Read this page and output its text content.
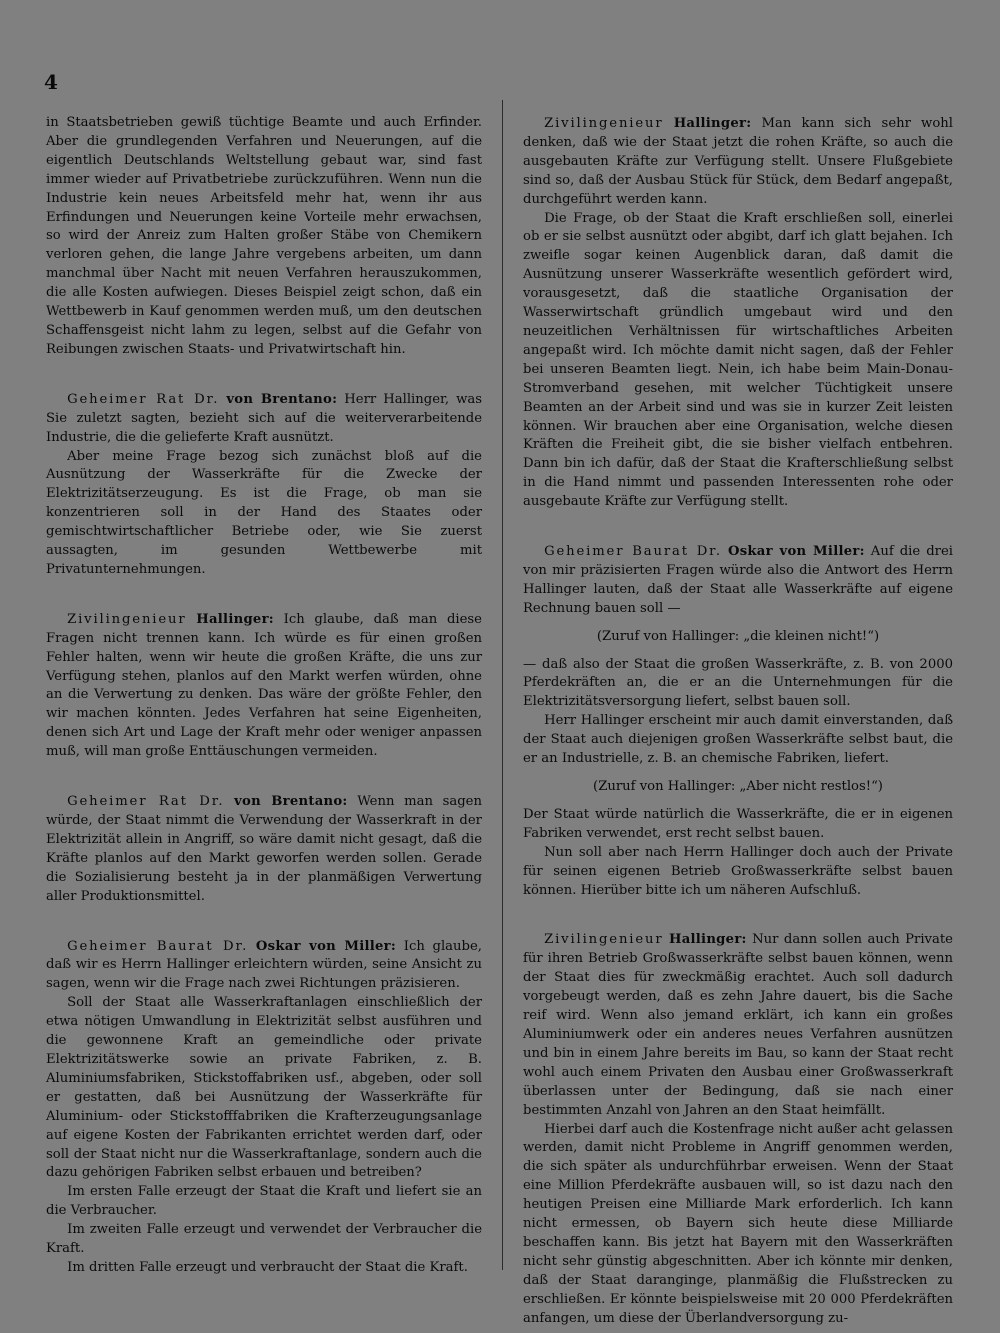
4

in Staatsbetrieben gewiß tüchtige Beamte und auch Erfinder. Aber die grundlegenden Verfahren und Neuerungen, auf die eigentlich Deutschlands Weltstellung gebaut war, sind fast immer wieder auf Privatbetriebe zurückzuführen. Wenn nun die Industrie kein neues Arbeitsfeld mehr hat, wenn ihr aus Erfindungen und Neuerungen keine Vorteile mehr erwachsen, so wird der Anreiz zum Halten großer Stäbe von Chemikern verloren gehen, die lange Jahre vergebens arbeiten, um dann manchmal über Nacht mit neuen Verfahren herauszukommen, die alle Kosten aufwiegen. Dieses Beispiel zeigt schon, daß ein Wettbewerb in Kauf genommen werden muß, um den deutschen Schaffensgeist nicht lahm zu legen, selbst auf die Gefahr von Reibungen zwischen Staats- und Privatwirtschaft hin.

Geheimer Rat Dr. von Brentano: Herr Hallinger, was Sie zuletzt sagten, bezieht sich auf die weiterverarbeitende Industrie, die die gelieferte Kraft ausnützt.

Aber meine Frage bezog sich zunächst bloß auf die Ausnützung der Wasserkräfte für die Zwecke der Elektrizitätserzeugung. Es ist die Frage, ob man sie konzentrieren soll in der Hand des Staates oder gemischtwirtschaftlicher Betriebe oder, wie Sie zuerst aussagten, im gesunden Wettbewerbe mit Privatunternehmungen.

Zivilingenieur Hallinger: Ich glaube, daß man diese Fragen nicht trennen kann. Ich würde es für einen großen Fehler halten, wenn wir heute die großen Kräfte, die uns zur Verfügung stehen, planlos auf den Markt werfen würden, ohne an die Verwertung zu denken. Das wäre der größte Fehler, den wir machen könnten. Jedes Verfahren hat seine Eigenheiten, denen sich Art und Lage der Kraft mehr oder weniger anpassen muß, will man große Enttäuschungen vermeiden.

Geheimer Rat Dr. von Brentano: Wenn man sagen würde, der Staat nimmt die Verwendung der Wasserkraft in der Elektrizität allein in Angriff, so wäre damit nicht gesagt, daß die Kräfte planlos auf den Markt geworfen werden sollen. Gerade die Sozialisierung besteht ja in der planmäßigen Verwertung aller Produktionsmittel.

Geheimer Baurat Dr. Oskar von Miller: Ich glaube, daß wir es Herrn Hallinger erleichtern würden, seine Ansicht zu sagen, wenn wir die Frage nach zwei Richtungen präzisieren.

Soll der Staat alle Wasserkraftanlagen einschließlich der etwa nötigen Umwandlung in Elektrizität selbst ausführen und die gewonnene Kraft an gemeindliche oder private Elektrizitätswerke sowie an private Fabriken, z. B. Aluminiumsfabriken, Stickstoffabriken usf., abgeben, oder soll er gestatten, daß bei Ausnützung der Wasserkräfte für Aluminium- oder Stickstofffabriken die Krafterzeugungsanlage auf eigene Kosten der Fabrikanten errichtet werden darf, oder soll der Staat nicht nur die Wasserkraftanlage, sondern auch die dazu gehörigen Fabriken selbst erbauen und betreiben?

Im ersten Falle erzeugt der Staat die Kraft und liefert sie an die Verbraucher.

Im zweiten Falle erzeugt und verwendet der Verbraucher die Kraft.

Im dritten Falle erzeugt und verbraucht der Staat die Kraft.

Zivilingenieur Hallinger: Man kann sich sehr wohl denken, daß wie der Staat jetzt die rohen Kräfte, so auch die ausgebauten Kräfte zur Verfügung stellt. Unsere Flußgebiete sind so, daß der Ausbau Stück für Stück, dem Bedarf angepaßt, durchgeführt werden kann.

Die Frage, ob der Staat die Kraft erschließen soll, einerlei ob er sie selbst ausnützt oder abgibt, darf ich glatt bejahen. Ich zweifle sogar keinen Augenblick daran, daß damit die Ausnützung unserer Wasserkräfte wesentlich gefördert wird, vorausgesetzt, daß die staatliche Organisation der Wasserwirtschaft gründlich umgebaut wird und den neuzeitlichen Verhältnissen für wirtschaftliches Arbeiten angepaßt wird. Ich möchte damit nicht sagen, daß der Fehler bei unseren Beamten liegt. Nein, ich habe beim Main-Donau-Stromverband gesehen, mit welcher Tüchtigkeit unsere Beamten an der Arbeit sind und was sie in kurzer Zeit leisten können. Wir brauchen aber eine Organisation, welche diesen Kräften die Freiheit gibt, die sie bisher vielfach entbehren. Dann bin ich dafür, daß der Staat die Krafterschließung selbst in die Hand nimmt und passenden Interessenten rohe oder ausgebaute Kräfte zur Verfügung stellt.

Geheimer Baurat Dr. Oskar von Miller: Auf die drei von mir präzisierten Fragen würde also die Antwort des Herrn Hallinger lauten, daß der Staat alle Wasserkräfte auf eigene Rechnung bauen soll —

(Zuruf von Hallinger: „die kleinen nicht!“)

— daß also der Staat die großen Wasserkräfte, z. B. von 2000 Pferdekräften an, die er an die Unternehmungen für die Elektrizitätsversorgung liefert, selbst bauen soll.

Herr Hallinger erscheint mir auch damit einverstanden, daß der Staat auch diejenigen großen Wasserkräfte selbst baut, die er an Industrielle, z. B. an chemische Fabriken, liefert.

(Zuruf von Hallinger: „Aber nicht restlos!“)

Der Staat würde natürlich die Wasserkräfte, die er in eigenen Fabriken verwendet, erst recht selbst bauen.

Nun soll aber nach Herrn Hallinger doch auch der Private für seinen eigenen Betrieb Großwasserkräfte selbst bauen können. Hierüber bitte ich um näheren Aufschluß.

Zivilingenieur Hallinger: Nur dann sollen auch Private für ihren Betrieb Großwasserkräfte selbst bauen können, wenn der Staat dies für zweckmäßig erachtet. Auch soll dadurch vorgebeugt werden, daß es zehn Jahre dauert, bis die Sache reif wird. Wenn also jemand erklärt, ich kann ein großes Aluminiumwerk oder ein anderes neues Verfahren ausnützen und bin in einem Jahre bereits im Bau, so kann der Staat recht wohl auch einem Privaten den Ausbau einer Großwasserkraft überlassen unter der Bedingung, daß sie nach einer bestimmten Anzahl von Jahren an den Staat heimfällt.

Hierbei darf auch die Kostenfrage nicht außer acht gelassen werden, damit nicht Probleme in Angriff genommen werden, die sich später als undurchführbar erweisen. Wenn der Staat eine Million Pferdekräfte ausbauen will, so ist dazu nach den heutigen Preisen eine Milliarde Mark erforderlich. Ich kann nicht ermessen, ob Bayern sich heute diese Milliarde beschaffen kann. Bis jetzt hat Bayern mit den Wasserkräften nicht sehr günstig abgeschnitten. Aber ich könnte mir denken, daß der Staat daranginge, planmäßig die Flußstrecken zu erschließen. Er könnte beispielsweise mit 20 000 Pferdekräften anfangen, um diese der Überlandversorgung zu-
